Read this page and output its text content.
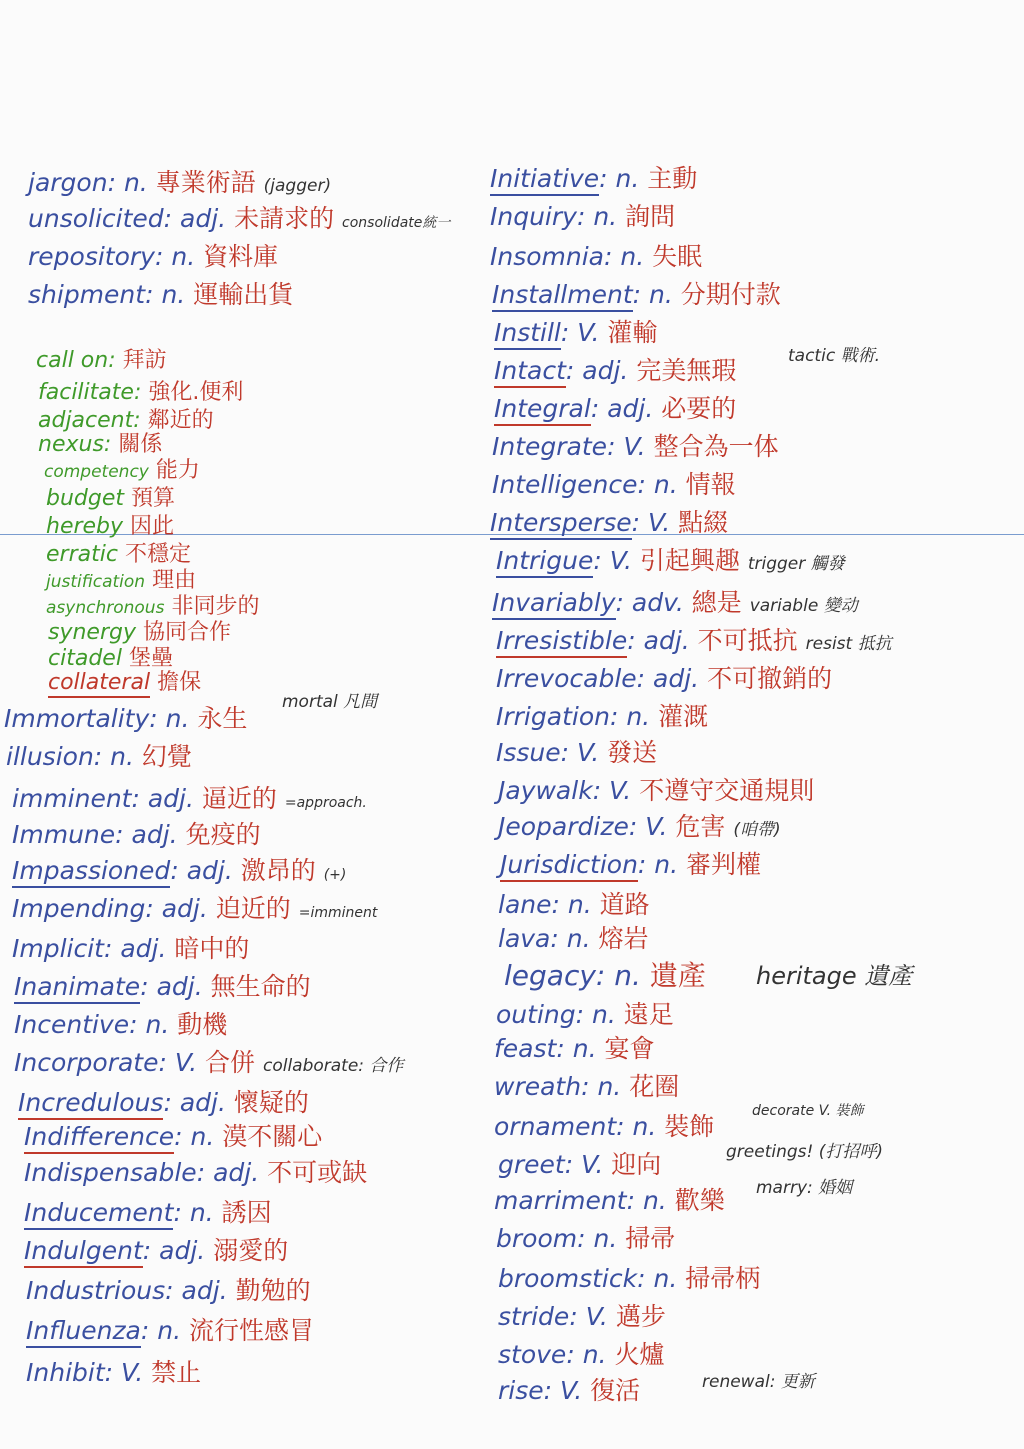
jargon: n. 專業術語 (jagger)
unsolicited: adj. 未請求的 consolidate統一
repository: n. 資料庫
shipment: n. 運輸出貨
call on: 拜訪
facilitate: 強化.便利
adjacent: 鄰近的
nexus: 關係
competency 能力
budget 預算
hereby 因此
erratic 不穩定
justification 理由
asynchronous 非同步的
synergy 協同合作
citadel 堡壘
collateral 擔保
Immortality: n. 永生
mortal 凡間
illusion: n. 幻覺
imminent: adj. 逼近的 =approach.
Immune: adj. 免疫的
Impassioned: adj. 激昂的 (+)
Impending: adj. 迫近的 =imminent
Implicit: adj. 暗中的
Inanimate: adj. 無生命的
Incentive: n. 動機
Incorporate: V. 合併 collaborate: 合作
Incredulous: adj. 懷疑的
Indifference: n. 漠不關心
Indispensable: adj. 不可或缺
Inducement: n. 誘因
Indulgent: adj. 溺愛的
Industrious: adj. 勤勉的
Influenza: n. 流行性感冒
Inhibit: V. 禁止
Initiative: n. 主動
Inquiry: n. 詢問
Insomnia: n. 失眠
Installment: n. 分期付款
Instill: V. 灌輸
Intact: adj. 完美無瑕	tactic 戰術.
Integral: adj. 必要的
Integrate: V. 整合為一体
Intelligence: n. 情報
Intersperse: V. 點綴
Intrigue: V. 引起興趣 trigger 觸發
Invariably: adv. 總是 variable 變动
Irresistible: adj. 不可抵抗 resist 抵抗
Irrevocable: adj. 不可撤銷的
Irrigation: n. 灌溉
Issue: V. 發送
Jaywalk: V. 不遵守交通規則
Jeopardize: V. 危害 (咱帶)
Jurisdiction: n. 審判權
lane: n. 道路
lava: n. 熔岩
legacy: n. 遺產 heritage 遺產
outing: n. 遠足
feast: n. 宴會
wreath: n. 花圈
ornament: n. 裝飾
decorate V. 裝飾
greet: V. 迎向	greetings! (打招呼)
marriment: n. 歡樂 marry: 婚姻
broom: n. 掃帚
broomstick: n. 掃帚柄
stride: V. 邁步
stove: n. 火爐
rise: V. 復活	renewal: 更新
